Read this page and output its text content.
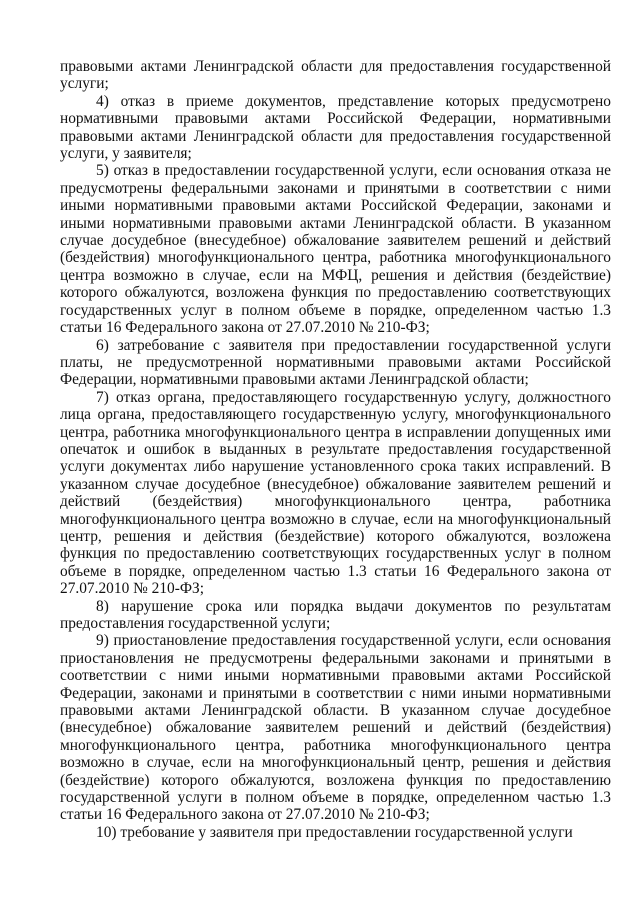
правовыми актами Ленинградской области для предоставления государственной услуги;

4) отказ в приеме документов, представление которых предусмотрено нормативными правовыми актами Российской Федерации, нормативными правовыми актами Ленинградской области для предоставления государственной услуги, у заявителя;

5) отказ в предоставлении государственной услуги, если основания отказа не предусмотрены федеральными законами и принятыми в соответствии с ними иными нормативными правовыми актами Российской Федерации, законами и иными нормативными правовыми актами Ленинградской области. В указанном случае досудебное (внесудебное) обжалование заявителем решений и действий (бездействия) многофункционального центра, работника многофункционального центра возможно в случае, если на МФЦ, решения и действия (бездействие) которого обжалуются, возложена функция по предоставлению соответствующих государственных услуг в полном объеме в порядке, определенном частью 1.3 статьи 16 Федерального закона от 27.07.2010 № 210-ФЗ;

6) затребование с заявителя при предоставлении государственной услуги платы, не предусмотренной нормативными правовыми актами Российской Федерации, нормативными правовыми актами Ленинградской области;

7) отказ органа, предоставляющего государственную услугу, должностного лица органа, предоставляющего государственную услугу, многофункционального центра, работника многофункционального центра в исправлении допущенных ими опечаток и ошибок в выданных в результате предоставления государственной услуги документах либо нарушение установленного срока таких исправлений. В указанном случае досудебное (внесудебное) обжалование заявителем решений и действий (бездействия) многофункционального центра, работника многофункционального центра возможно в случае, если на многофункциональный центр, решения и действия (бездействие) которого обжалуются, возложена функция по предоставлению соответствующих государственных услуг в полном объеме в порядке, определенном частью 1.3 статьи 16 Федерального закона от 27.07.2010 № 210-ФЗ;

8) нарушение срока или порядка выдачи документов по результатам предоставления государственной услуги;

9) приостановление предоставления государственной услуги, если основания приостановления не предусмотрены федеральными законами и принятыми в соответствии с ними иными нормативными правовыми актами Российской Федерации, законами и принятыми в соответствии с ними иными нормативными правовыми актами Ленинградской области. В указанном случае досудебное (внесудебное) обжалование заявителем решений и действий (бездействия) многофункционального центра, работника многофункционального центра возможно в случае, если на многофункциональный центр, решения и действия (бездействие) которого обжалуются, возложена функция по предоставлению государственной услуги в полном объеме в порядке, определенном частью 1.3 статьи 16 Федерального закона от 27.07.2010 № 210-ФЗ;

10) требование у заявителя при предоставлении государственной услуги
